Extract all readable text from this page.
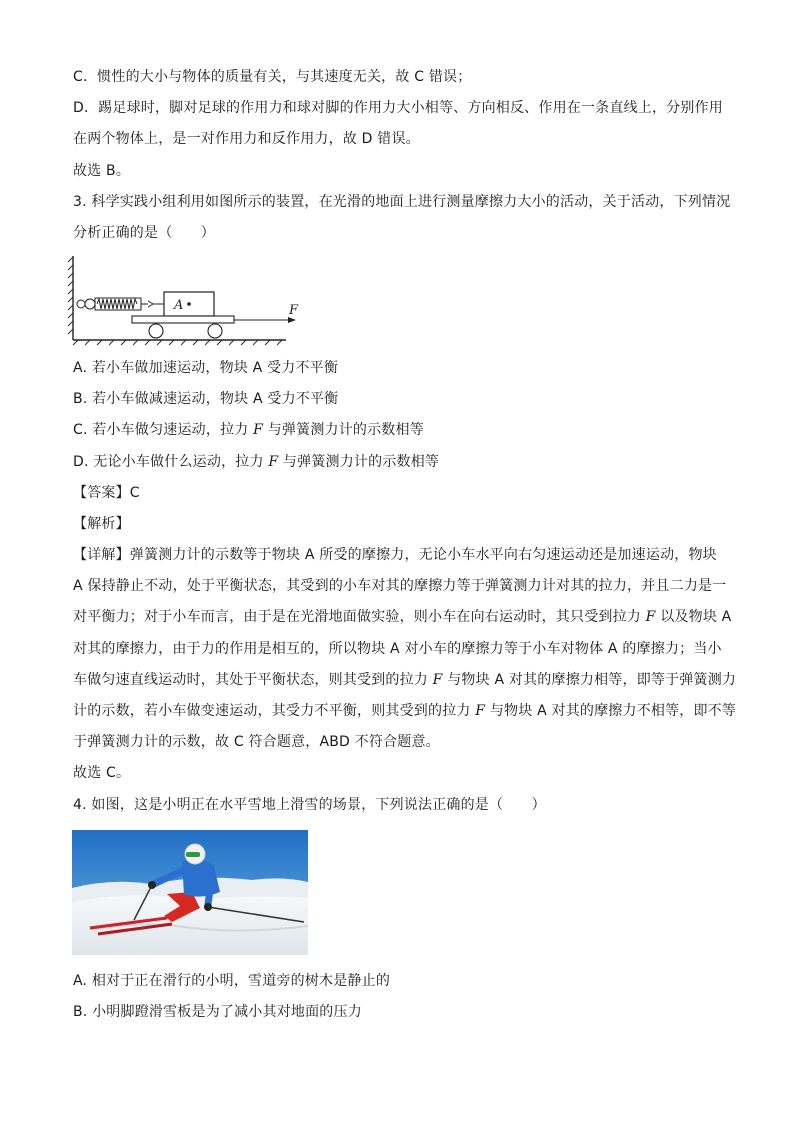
C．惯性的大小与物体的质量有关，与其速度无关，故 C 错误；
D．踢足球时，脚对足球的作用力和球对脚的作用力大小相等、方向相反、作用在一条直线上，分别作用
在两个物体上，是一对作用力和反作用力，故 D 错误。
故选 B。
3. 科学实践小组利用如图所示的装置，在光滑的地面上进行测量摩擦力大小的活动，关于活动，下列情况
分析正确的是（　　）
A	F
A. 若小车做加速运动，物块 A 受力不平衡
B. 若小车做减速运动，物块 A 受力不平衡
C. 若小车做匀速运动，拉力 F 与弹簧测力计的示数相等
D. 无论小车做什么运动，拉力 F 与弹簧测力计的示数相等
【答案】C
【解析】
【详解】弹簧测力计的示数等于物块 A 所受的摩擦力，无论小车水平向右匀速运动还是加速运动，物块
A 保持静止不动，处于平衡状态，其受到的小车对其的摩擦力等于弹簧测力计对其的拉力，并且二力是一
对平衡力；对于小车而言，由于是在光滑地面做实验，则小车在向右运动时，其只受到拉力 F 以及物块 A
对其的摩擦力，由于力的作用是相互的，所以物块 A 对小车的摩擦力等于小车对物体 A 的摩擦力；当小
车做匀速直线运动时，其处于平衡状态，则其受到的拉力 F 与物块 A 对其的摩擦力相等，即等于弹簧测力
计的示数，若小车做变速运动，其受力不平衡，则其受到的拉力 F 与物块 A 对其的摩擦力不相等，即不等
于弹簧测力计的示数，故 C 符合题意，ABD 不符合题意。
故选 C。
4. 如图，这是小明正在水平雪地上滑雪的场景，下列说法正确的是（　　）
A. 相对于正在滑行的小明，雪道旁的树木是静止的
B. 小明脚蹬滑雪板是为了减小其对地面的压力
